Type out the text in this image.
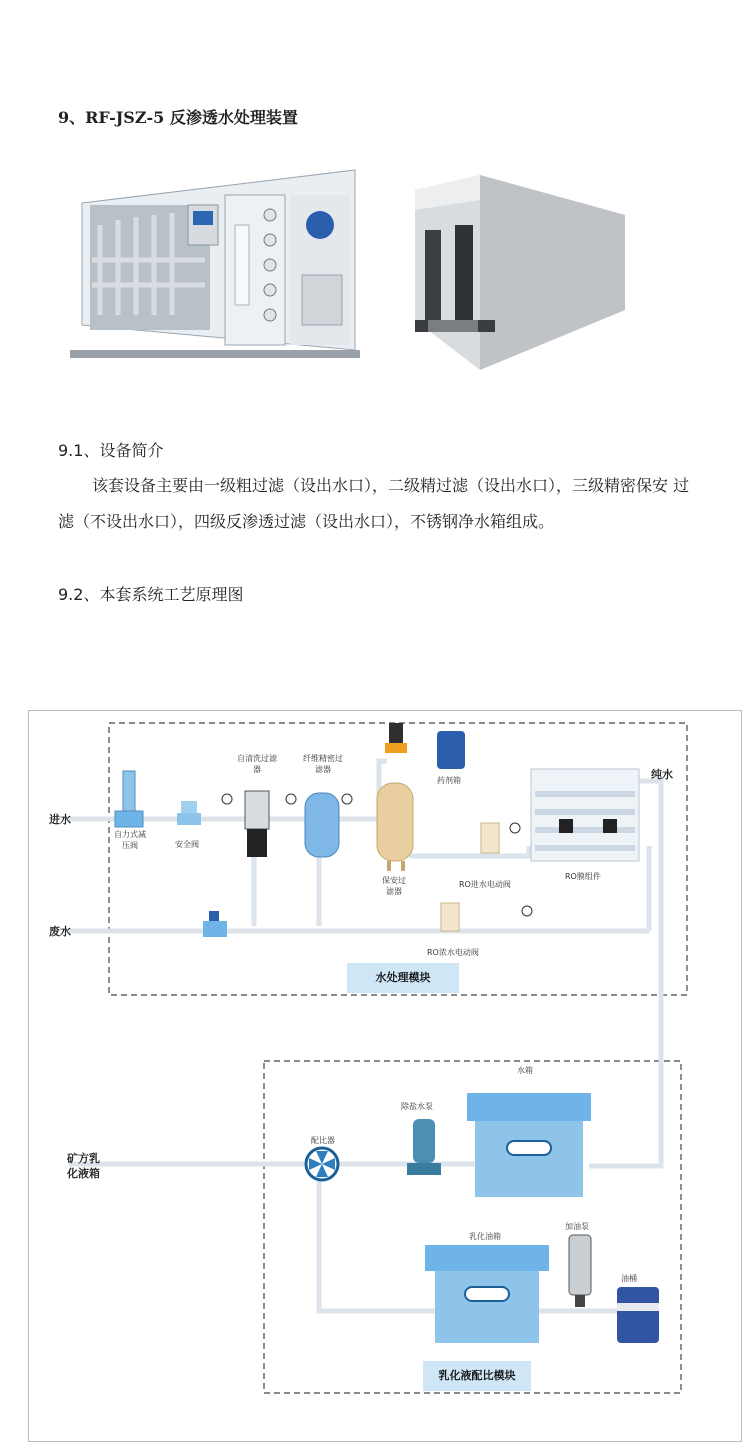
9、RF-JSZ-5 反渗透水处理装置
9.1、设备简介
该套设备主要由一级粗过滤（设出水口），二级精过滤（设出水口），三级精密保安 过滤（不设出水口），四级反渗透过滤（设出水口），不锈钢净水箱组成。
9.2、本套系统工艺原理图
进水
废水
纯水
矿方乳化液箱
自力式减压阀	安全阀
自清洗过滤器
纤维精密过滤器
保安过滤器
药剂箱
RO进水电动阀
RO膜组件
RO浓水电动阀
除盐水泵
水箱
配比器
乳化油箱
加油泵
油桶
水处理模块
乳化液配比模块
